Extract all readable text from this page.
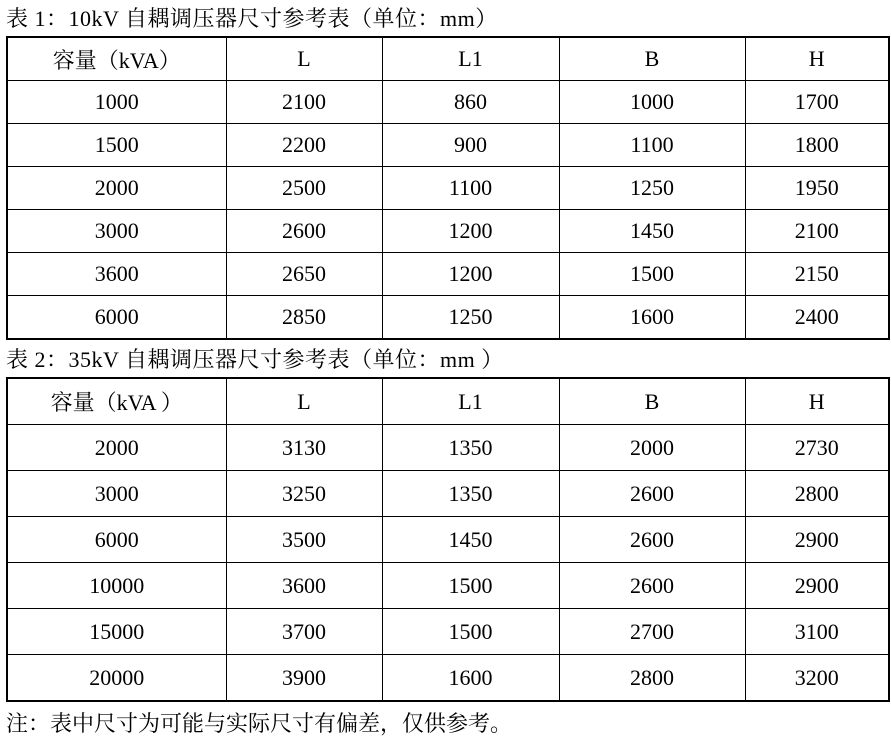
表 1：10kV 自耦调压器尺寸参考表（单位：mm）
容量（kVA）	L	L1	B	H
1000	2100	860	1000	1700
1500	2200	900	1100	1800
2000	2500	1100	1250	1950
3000	2600	1200	1450	2100
3600	2650	1200	1500	2150
6000	2850	1250	1600	2400
表 2：35kV 自耦调压器尺寸参考表（单位：mm ）
容量（kVA ）	L	L1	B	H
2000	3130	1350	2000	2730
3000	3250	1350	2600	2800
6000	3500	1450	2600	2900
10000	3600	1500	2600	2900
15000	3700	1500	2700	3100
20000	3900	1600	2800	3200
注：表中尺寸为可能与实际尺寸有偏差，仅供参考。
